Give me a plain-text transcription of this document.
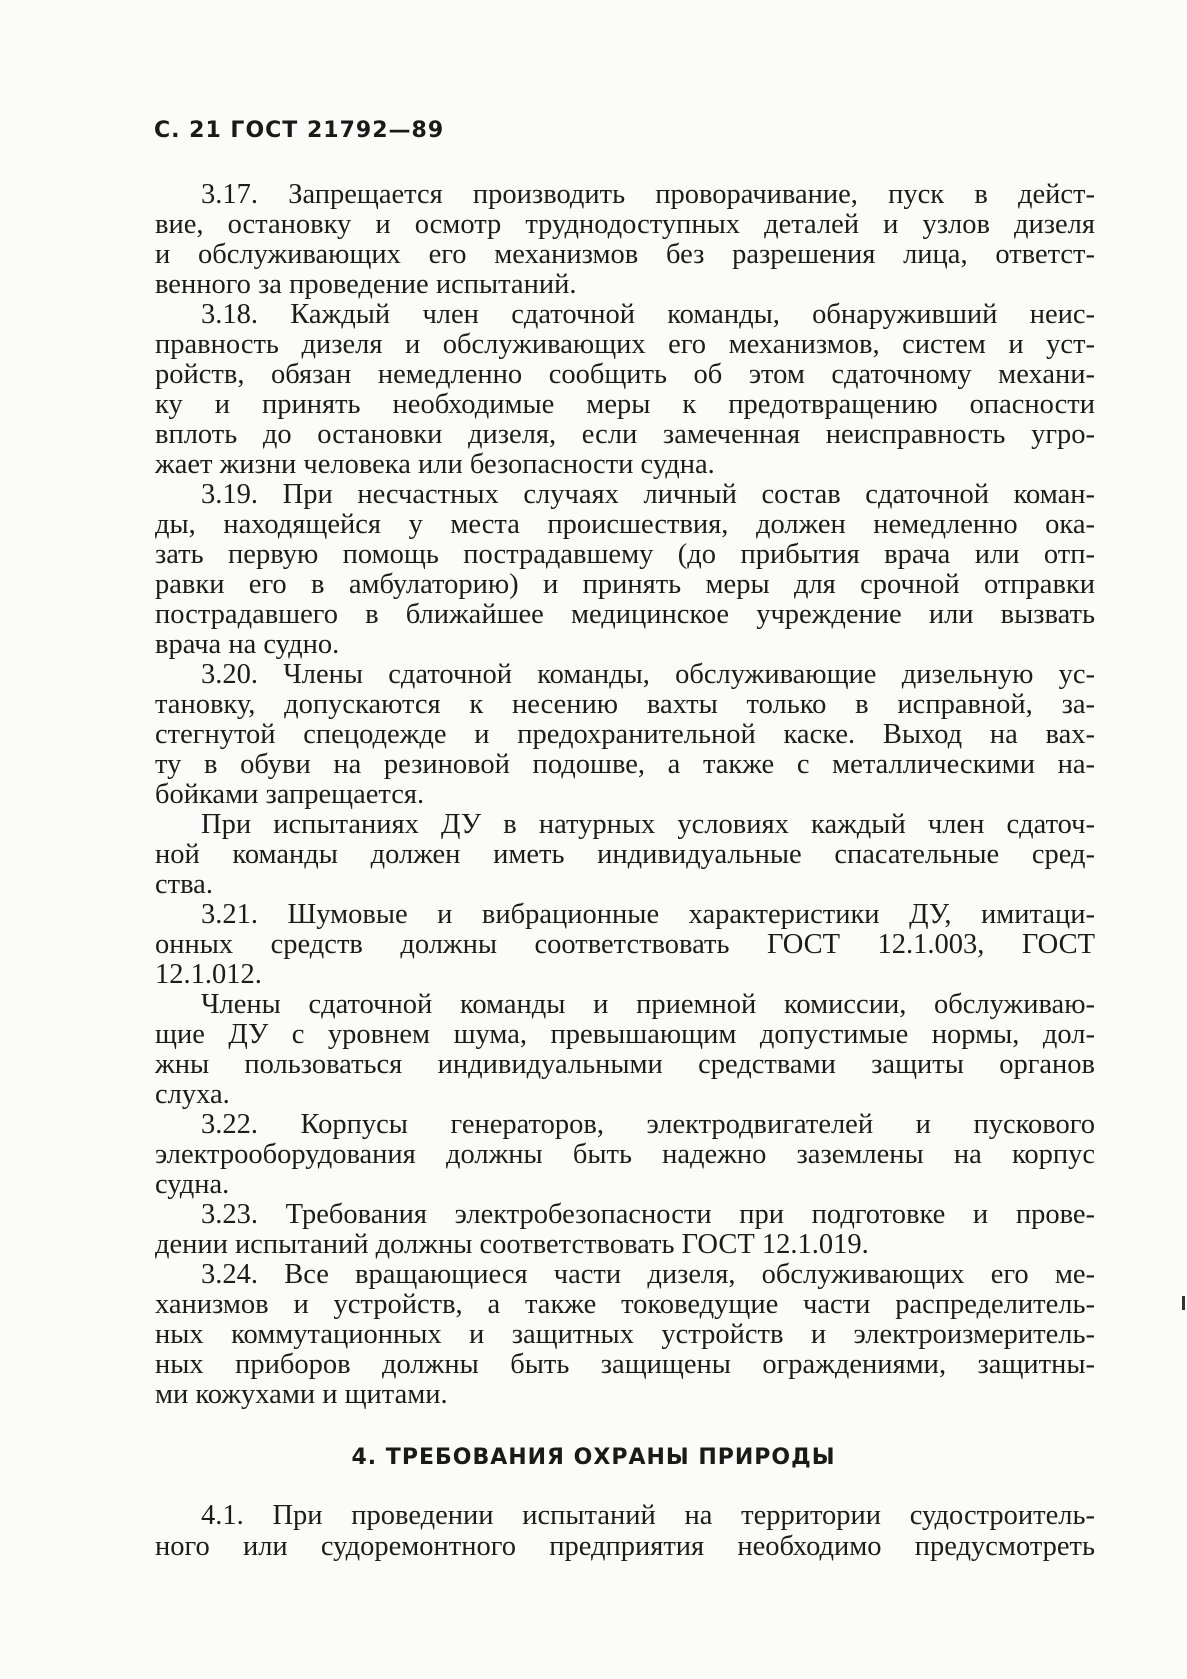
С. 21 ГОСТ 21792—89
3.17. Запрещается производить проворачивание, пуск в дейст-
вие, остановку и осмотр труднодоступных деталей и узлов дизеля
и обслуживающих его механизмов без разрешения лица, ответст-
венного за проведение испытаний.
3.18. Каждый член сдаточной команды, обнаруживший неис-
правность дизеля и обслуживающих его механизмов, систем и уст-
ройств, обязан немедленно сообщить об этом сдаточному механи-
ку и принять необходимые меры к предотвращению опасности
вплоть до остановки дизеля, если замеченная неисправность угро-
жает жизни человека или безопасности судна.
3.19. При несчастных случаях личный состав сдаточной коман-
ды, находящейся у места происшествия, должен немедленно ока-
зать первую помощь пострадавшему (до прибытия врача или отп-
равки его в амбулаторию) и принять меры для срочной отправки
пострадавшего в ближайшее медицинское учреждение или вызвать
врача на судно.
3.20. Члены сдаточной команды, обслуживающие дизельную ус-
тановку, допускаются к несению вахты только в исправной, за-
стегнутой спецодежде и предохранительной каске. Выход на вах-
ту в обуви на резиновой подошве, а также с металлическими на-
бойками запрещается.
При испытаниях ДУ в натурных условиях каждый член сдаточ-
ной команды должен иметь индивидуальные спасательные сред-
ства.
3.21. Шумовые и вибрационные характеристики ДУ, имитаци-
онных средств должны соответствовать ГОСТ 12.1.003, ГОСТ
12.1.012.
Члены сдаточной команды и приемной комиссии, обслуживаю-
щие ДУ с уровнем шума, превышающим допустимые нормы, дол-
жны пользоваться индивидуальными средствами защиты органов
слуха.
3.22. Корпусы генераторов, электродвигателей и пускового
электрооборудования должны быть надежно заземлены на корпус
судна.
3.23. Требования электробезопасности при подготовке и прове-
дении испытаний должны соответствовать ГОСТ 12.1.019.
3.24. Все вращающиеся части дизеля, обслуживающих его ме-
ханизмов и устройств, а также токоведущие части распределитель-
ных коммутационных и защитных устройств и электроизмеритель-
ных приборов должны быть защищены ограждениями, защитны-
ми кожухами и щитами.
4. ТРЕБОВАНИЯ ОХРАНЫ ПРИРОДЫ
4.1. При проведении испытаний на территории судостроитель-
ного или судоремонтного предприятия необходимо предусмотреть
